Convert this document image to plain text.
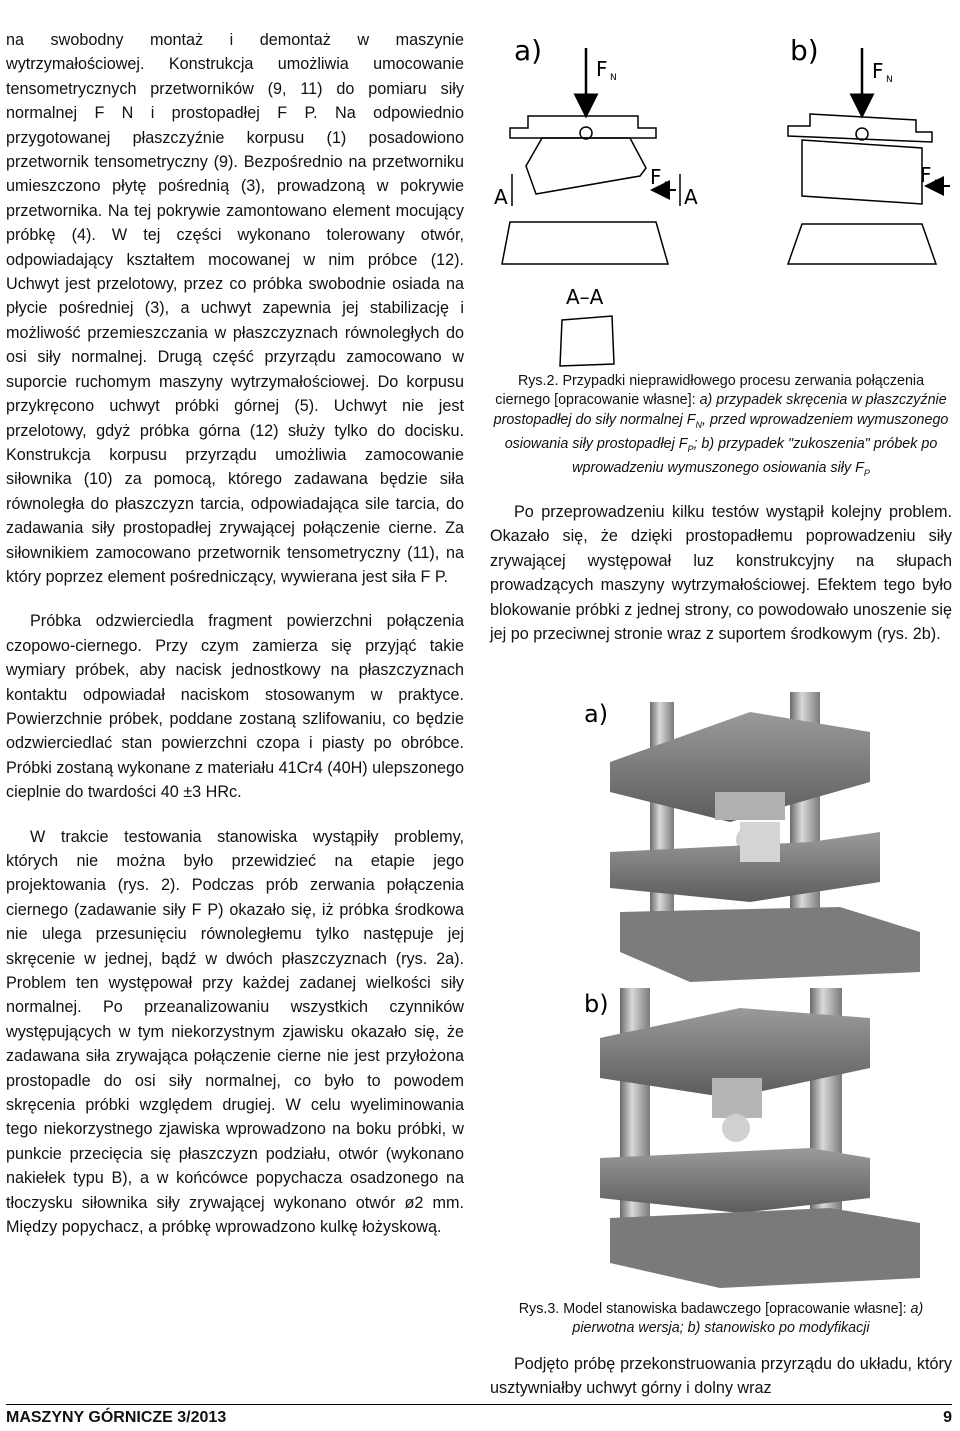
na swobodny montaż i demontaż w maszynie wytrzymałościowej. Konstrukcja umożliwia umocowanie tensometrycznych przetworników (9, 11) do pomiaru siły normalnej F N i prostopadłej F P. Na odpowiednio przygotowanej płaszczyźnie korpusu (1) posadowiono przetwornik tensometryczny (9). Bezpośrednio na przetworniku umieszczono płytę pośrednią (3), prowadzoną w pokrywie przetwornika. Na tej pokrywie zamontowano element mocujący próbkę (4). W tej części wykonano tolerowany otwór, odpowiadający kształtem mocowanej w nim próbce (12). Uchwyt jest przelotowy, przez co próbka swobodnie osiada na płycie pośredniej (3), a uchwyt zapewnia jej stabilizację i możliwość przemieszczania w płaszczyznach równoległych do osi siły normalnej. Drugą część przyrządu zamocowano w suporcie ruchomym maszyny wytrzymałościowej. Do korpusu przykręcono uchwyt próbki górnej (5). Uchwyt nie jest przelotowy, gdyż próbka górna (12) służy tylko do docisku. Konstrukcja korpusu przyrządu umożliwia zamocowanie siłownika (10) za pomocą, którego zadawana będzie siła równoległa do płaszczyzn tarcia, odpowiadająca sile tarcia, do zadawania siły prostopadłej zrywającej połączenie cierne. Za siłownikiem zamocowano przetwornik tensometryczny (11), na który poprzez element pośredniczący, wywierana jest siła F P.

Próbka odzwierciedla fragment powierzchni połączenia czopowo-ciernego. Przy czym zamierza się przyjąć takie wymiary próbek, aby nacisk jednostkowy na płaszczyznach kontaktu odpowiadał naciskom stosowanym w praktyce. Powierzchnie próbek, poddane zostaną szlifowaniu, co będzie odzwierciedlać stan powierzchni czopa i piasty po obróbce. Próbki zostaną wykonane z materiału 41Cr4 (40H) ulepszonego cieplnie do twardości 40 ±3 HRc.

W trakcie testowania stanowiska wystąpiły problemy, których nie można było przewidzieć na etapie jego projektowania (rys. 2). Podczas prób zerwania połączenia ciernego (zadawanie siły F P) okazało się, iż próbka środkowa nie ulega przesunięciu równoległemu tylko następuje jej skręcenie w jednej, bądź w dwóch płaszczyznach (rys. 2a). Problem ten występował przy każdej zadanej wielkości siły normalnej. Po przeanalizowaniu wszystkich czynników występujących w tym niekorzystnym zjawisku okazało się, że zadawana siła zrywająca połączenie cierne nie jest przyłożona prostopadle do osi siły normalnej, co było to powodem skręcenia próbki względem drugiej. W celu wyeliminowania tego niekorzystnego zjawiska wprowadzono na boku próbki, w punkcie przecięcia się płaszczyzn podziału, otwór (wykonano nakiełek typu B), a w końcówce popychacza osadzonego na tłoczysku siłownika siły zrywającej wykonano otwór ø2 mm. Między popychacz, a próbkę wprowadzono kulkę łożyskową.

a)	b)
F N
F P
A	A
A–A
F N
F P

Rys.2. Przypadki nieprawidłowego procesu zerwania połączenia ciernego [opracowanie własne]: a) przypadek skręcenia w płaszczyźnie prostopadłej do siły normalnej $F_N$, przed wprowadzeniem wymuszonego osiowania siły prostopadłej $F_P$; b) przypadek "zukoszenia" próbek po wprowadzeniu wymuszonego osiowania siły $F_P$

Po przeprowadzeniu kilku testów wystąpił kolejny problem. Okazało się, że dzięki prostopadłemu poprowadzeniu siły zrywającej występował luz konstrukcyjny na słupach prowadzących maszyny wytrzymałościowej. Efektem tego było blokowanie próbki z jednej strony, co powodowało unoszenie się jej po przeciwnej stronie wraz z suportem środkowym (rys. 2b).

a)
b)

Rys.3. Model stanowiska badawczego [opracowanie własne]: a) pierwotna wersja; b) stanowisko po modyfikacji

Podjęto próbę przekonstruowania przyrządu do układu, który usztywniałby uchwyt górny i dolny wraz

MASZYNY GÓRNICZE 3/2013	9
